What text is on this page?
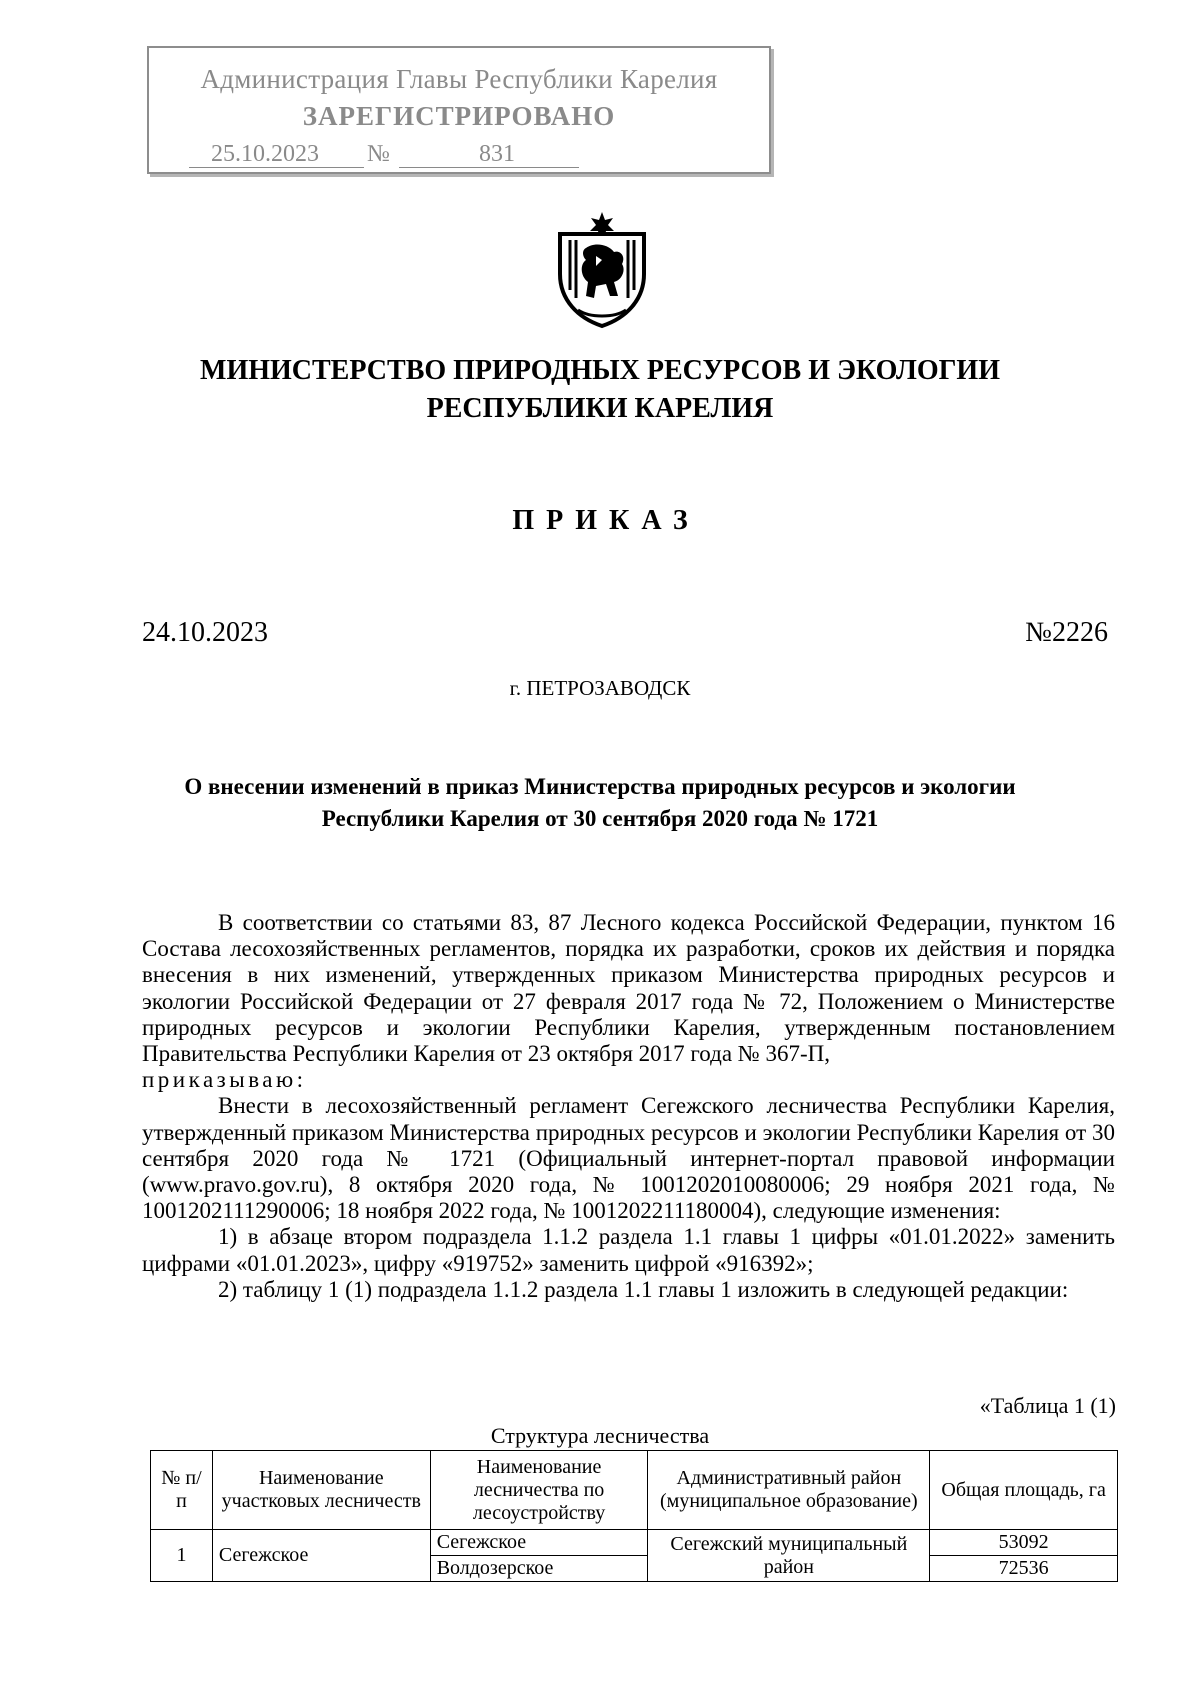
Администрация Главы Республики Карелия
ЗАРЕГИСТРИРОВАНО
25.10.2023 №	831
МИНИСТЕРСТВО ПРИРОДНЫХ РЕСУРСОВ И ЭКОЛОГИИ
РЕСПУБЛИКИ КАРЕЛИЯ
ПРИКАЗ
24.10.2023	№2226
г. ПЕТРОЗАВОДСК
О внесении изменений в приказ Министерства природных ресурсов и экологии
Республики Карелия от 30 сентября 2020 года № 1721

В соответствии со статьями 83, 87 Лесного кодекса Российской Федерации, пунктом 16 Состава лесохозяйственных регламентов, порядка их разработки, сроков их действия и порядка внесения в них изменений, утвержденных приказом Министерства природных ресурсов и экологии Российской Федерации от 27 февраля 2017 года № 72, Положением о Министерстве природных ресурсов и экологии Республики Карелия, утвержденным постановлением Правительства Республики Карелия от 23 октября 2017 года № 367-П,

приказываю:

Внести в лесохозяйственный регламент Сегежского лесничества Республики Карелия, утвержденный приказом Министерства природных ресурсов и экологии Республики Карелия от 30 сентября 2020 года № 1721 (Официальный интернет-портал правовой информации (www.pravo.gov.ru), 8 октября 2020 года, № 1001202010080006; 29 ноября 2021 года, № 1001202111290006; 18 ноября 2022 года, № 1001202211180004), следующие изменения:

1) в абзаце втором подраздела 1.1.2 раздела 1.1 главы 1 цифры «01.01.2022» заменить цифрами «01.01.2023», цифру «919752» заменить цифрой «916392»;

2) таблицу 1 (1) подраздела 1.1.2 раздела 1.1 главы 1 изложить в следующей редакции:

«Таблица 1 (1)
Структура лесничества
№ п/п	Наименование участковых лесничеств	Наименование лесничества по лесоустройству	Административный район (муниципальное образование)	Общая площадь, га
1	Сегежское	Сегежское	Сегежский муниципальный район	53092
		Волдозерское		72536
